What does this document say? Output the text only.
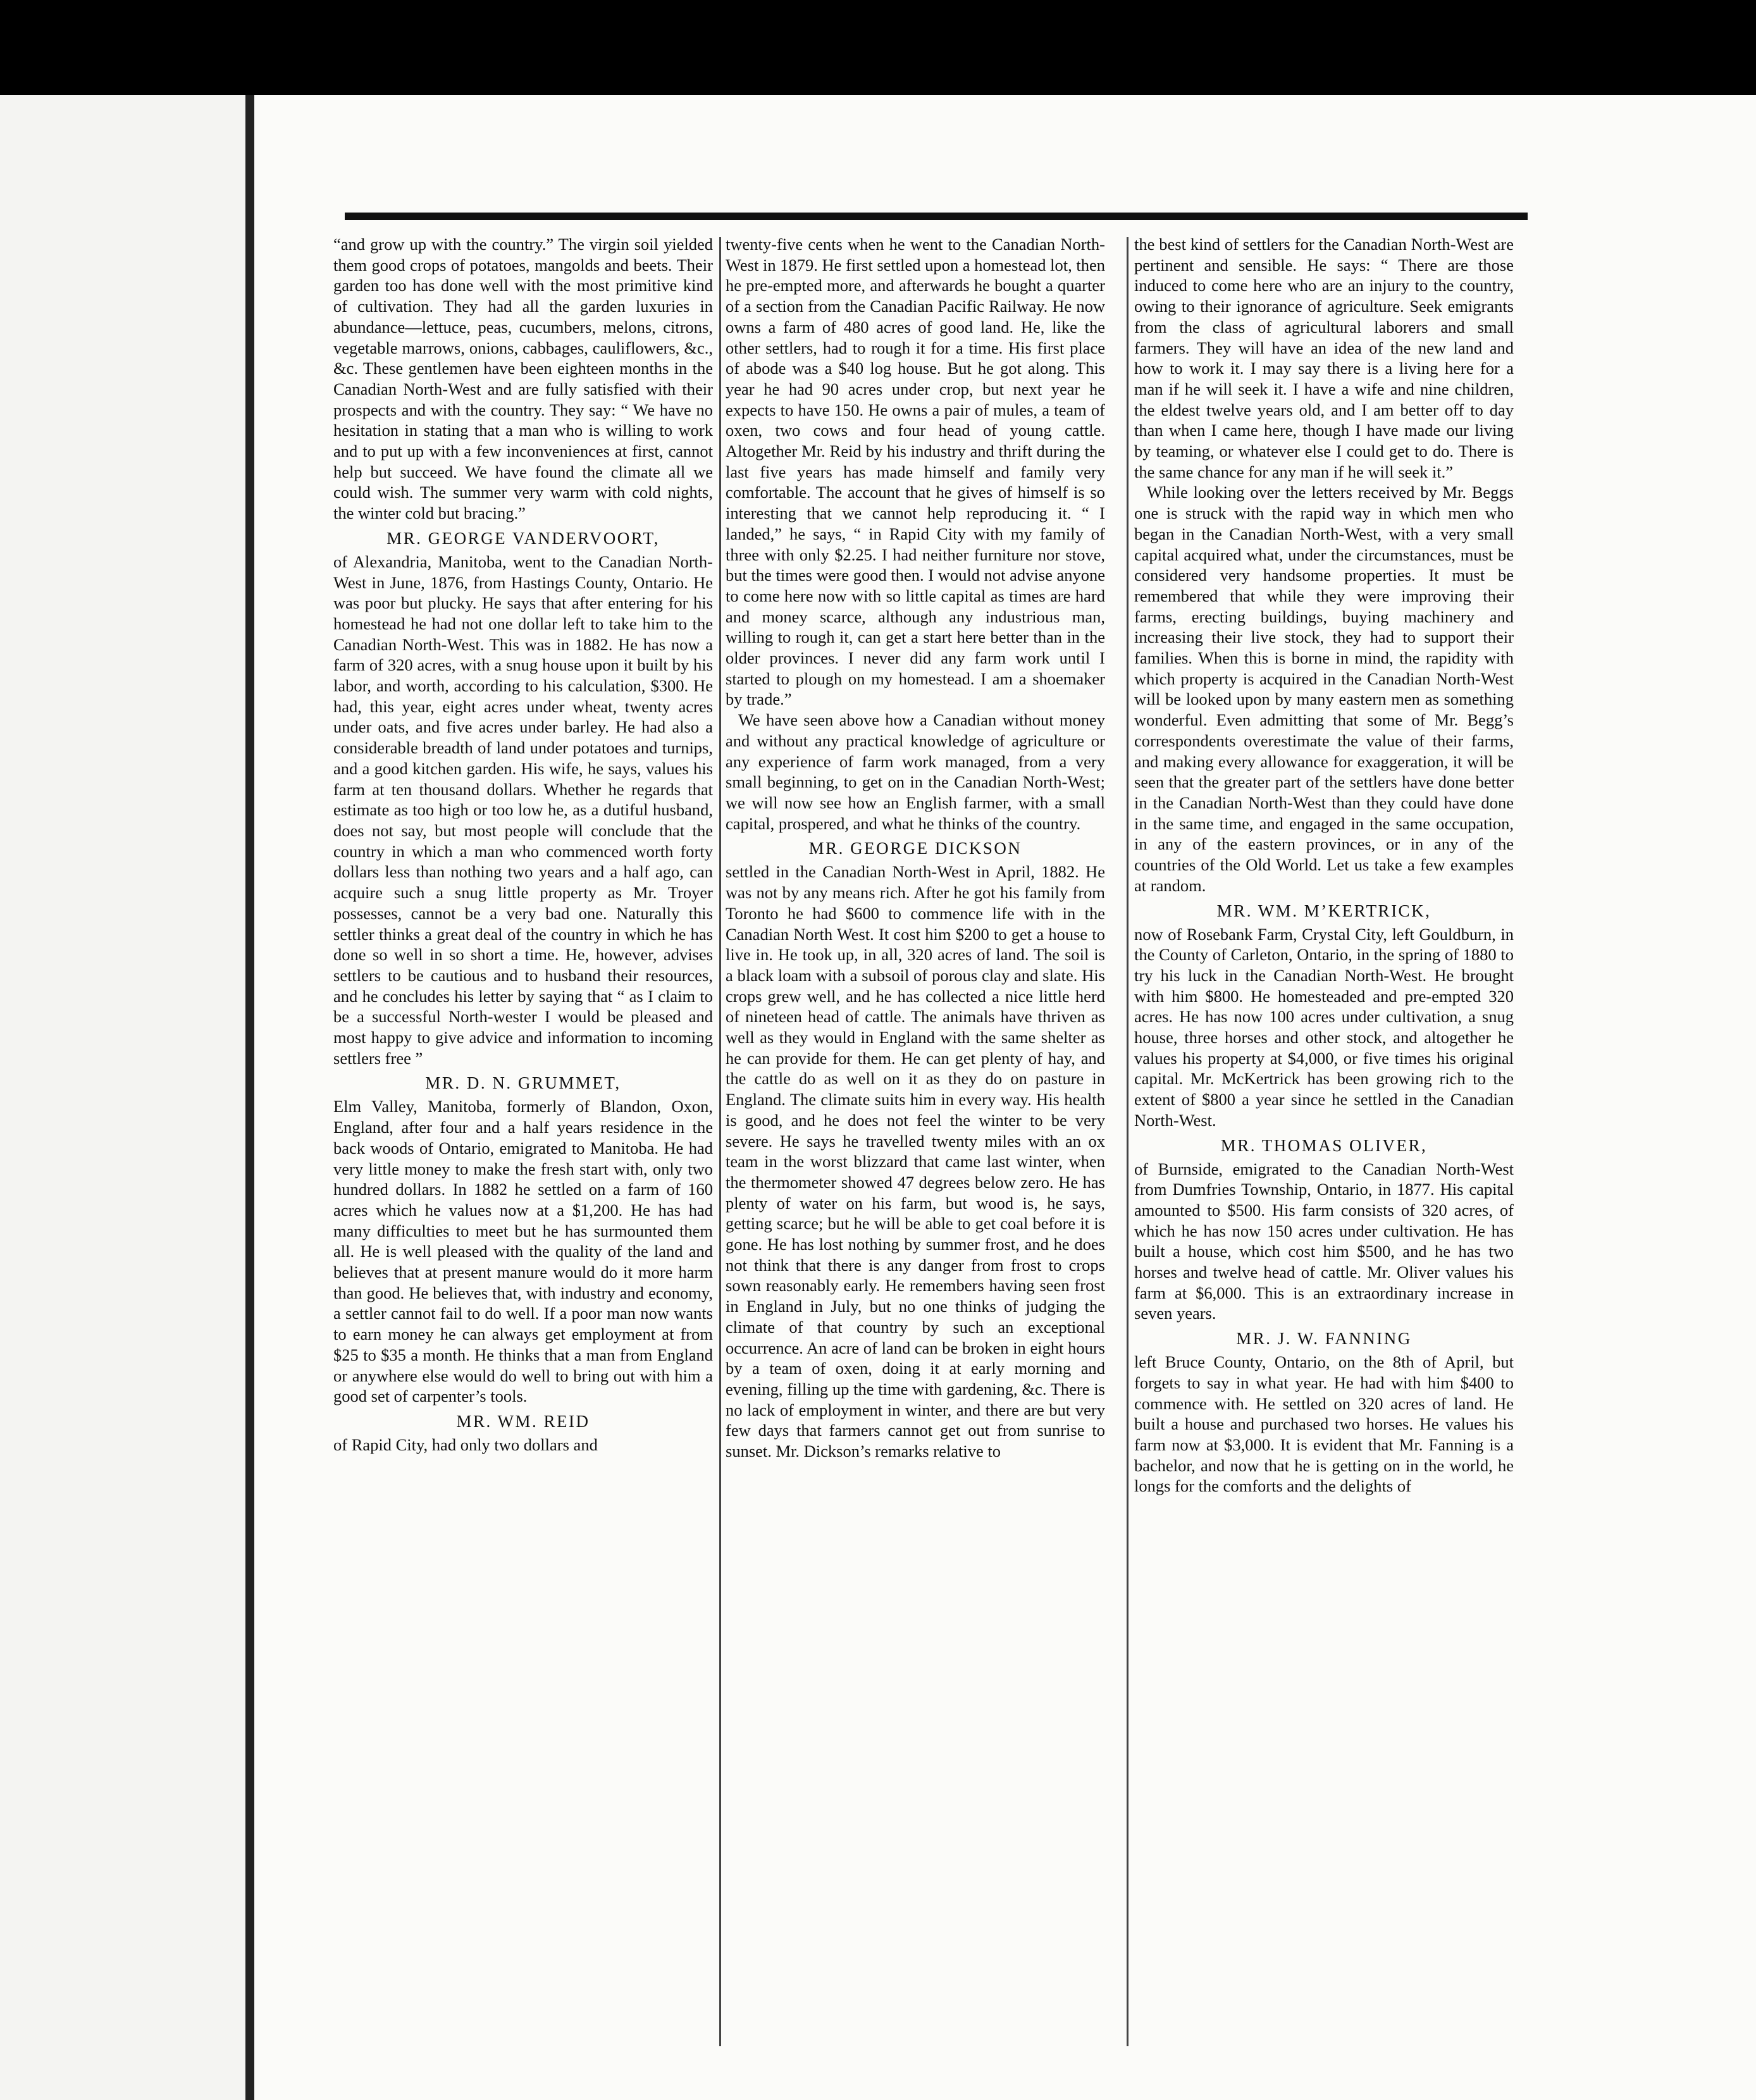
“and grow up with the country.” The virgin soil yielded them good crops of potatoes, mangolds and beets. Their garden too has done well with the most primitive kind of cultivation. They had all the garden luxuries in abundance—lettuce, peas, cucumbers, melons, citrons, vegetable marrows, onions, cabbages, cauliflowers, &c., &c. These gentlemen have been eighteen months in the Canadian North-West and are fully satisfied with their prospects and with the country. They say: “ We have no hesitation in stating that a man who is willing to work and to put up with a few inconveniences at first, cannot help but succeed. We have found the climate all we could wish. The summer very warm with cold nights, the winter cold but bracing.”

MR. GEORGE VANDERVOORT,

of Alexandria, Manitoba, went to the Canadian North-West in June, 1876, from Hastings County, Ontario. He was poor but plucky. He says that after entering for his homestead he had not one dollar left to take him to the Canadian North-West. This was in 1882. He has now a farm of 320 acres, with a snug house upon it built by his labor, and worth, according to his calculation, $300. He had, this year, eight acres under wheat, twenty acres under oats, and five acres under barley. He had also a considerable breadth of land under potatoes and turnips, and a good kitchen garden. His wife, he says, values his farm at ten thousand dollars. Whether he regards that estimate as too high or too low he, as a dutiful husband, does not say, but most people will conclude that the country in which a man who commenced worth forty dollars less than nothing two years and a half ago, can acquire such a snug little property as Mr. Troyer possesses, cannot be a very bad one. Naturally this settler thinks a great deal of the country in which he has done so well in so short a time. He, however, advises settlers to be cautious and to husband their resources, and he concludes his letter by saying that “ as I claim to be a successful North-wester I would be pleased and most happy to give advice and information to incoming settlers free ”

MR. D. N. GRUMMET,

Elm Valley, Manitoba, formerly of Blandon, Oxon, England, after four and a half years residence in the back woods of Ontario, emigrated to Manitoba. He had very little money to make the fresh start with, only two hundred dollars. In 1882 he settled on a farm of 160 acres which he values now at a $1,200. He has had many difficulties to meet but he has surmounted them all. He is well pleased with the quality of the land and believes that at present manure would do it more harm than good. He believes that, with industry and economy, a settler cannot fail to do well. If a poor man now wants to earn money he can always get employment at from $25 to $35 a month. He thinks that a man from England or anywhere else would do well to bring out with him a good set of carpenter’s tools.

MR. WM. REID

of Rapid City, had only two dollars and

twenty-five cents when he went to the Canadian North-West in 1879. He first settled upon a homestead lot, then he pre-empted more, and afterwards he bought a quarter of a section from the Canadian Pacific Railway. He now owns a farm of 480 acres of good land. He, like the other settlers, had to rough it for a time. His first place of abode was a $40 log house. But he got along. This year he had 90 acres under crop, but next year he expects to have 150. He owns a pair of mules, a team of oxen, two cows and four head of young cattle. Altogether Mr. Reid by his industry and thrift during the last five years has made himself and family very comfortable. The account that he gives of himself is so interesting that we cannot help reproducing it. “ I landed,” he says, “ in Rapid City with my family of three with only $2.25. I had neither furniture nor stove, but the times were good then. I would not advise anyone to come here now with so little capital as times are hard and money scarce, although any industrious man, willing to rough it, can get a start here better than in the older provinces. I never did any farm work until I started to plough on my homestead. I am a shoemaker by trade.”

We have seen above how a Canadian without money and without any practical knowledge of agriculture or any experience of farm work managed, from a very small beginning, to get on in the Canadian North-West; we will now see how an English farmer, with a small capital, prospered, and what he thinks of the country.

MR. GEORGE DICKSON

settled in the Canadian North-West in April, 1882. He was not by any means rich. After he got his family from Toronto he had $600 to commence life with in the Canadian North West. It cost him $200 to get a house to live in. He took up, in all, 320 acres of land. The soil is a black loam with a subsoil of porous clay and slate. His crops grew well, and he has collected a nice little herd of nineteen head of cattle. The animals have thriven as well as they would in England with the same shelter as he can provide for them. He can get plenty of hay, and the cattle do as well on it as they do on pasture in England. The climate suits him in every way. His health is good, and he does not feel the winter to be very severe. He says he travelled twenty miles with an ox team in the worst blizzard that came last winter, when the thermometer showed 47 degrees below zero. He has plenty of water on his farm, but wood is, he says, getting scarce; but he will be able to get coal before it is gone. He has lost nothing by summer frost, and he does not think that there is any danger from frost to crops sown reasonably early. He remembers having seen frost in England in July, but no one thinks of judging the climate of that country by such an exceptional occurrence. An acre of land can be broken in eight hours by a team of oxen, doing it at early morning and evening, filling up the time with gardening, &c. There is no lack of employment in winter, and there are but very few days that farmers cannot get out from sunrise to sunset. Mr. Dickson’s remarks relative to

the best kind of settlers for the Canadian North-West are pertinent and sensible. He says: “ There are those induced to come here who are an injury to the country, owing to their ignorance of agriculture. Seek emigrants from the class of agricultural laborers and small farmers. They will have an idea of the new land and how to work it. I may say there is a living here for a man if he will seek it. I have a wife and nine children, the eldest twelve years old, and I am better off to day than when I came here, though I have made our living by teaming, or whatever else I could get to do. There is the same chance for any man if he will seek it.”

While looking over the letters received by Mr. Beggs one is struck with the rapid way in which men who began in the Canadian North-West, with a very small capital acquired what, under the circumstances, must be considered very handsome properties. It must be remembered that while they were improving their farms, erecting buildings, buying machinery and increasing their live stock, they had to support their families. When this is borne in mind, the rapidity with which property is acquired in the Canadian North-West will be looked upon by many eastern men as something wonderful. Even admitting that some of Mr. Begg’s correspondents overestimate the value of their farms, and making every allowance for exaggeration, it will be seen that the greater part of the settlers have done better in the Canadian North-West than they could have done in the same time, and engaged in the same occupation, in any of the eastern provinces, or in any of the countries of the Old World. Let us take a few examples at random.

MR. WM. M’KERTRICK,

now of Rosebank Farm, Crystal City, left Gouldburn, in the County of Carleton, Ontario, in the spring of 1880 to try his luck in the Canadian North-West. He brought with him $800. He homesteaded and pre-empted 320 acres. He has now 100 acres under cultivation, a snug house, three horses and other stock, and altogether he values his property at $4,000, or five times his original capital. Mr. McKertrick has been growing rich to the extent of $800 a year since he settled in the Canadian North-West.

MR. THOMAS OLIVER,

of Burnside, emigrated to the Canadian North-West from Dumfries Township, Ontario, in 1877. His capital amounted to $500. His farm consists of 320 acres, of which he has now 150 acres under cultivation. He has built a house, which cost him $500, and he has two horses and twelve head of cattle. Mr. Oliver values his farm at $6,000. This is an extraordinary increase in seven years.

MR. J. W. FANNING

left Bruce County, Ontario, on the 8th of April, but forgets to say in what year. He had with him $400 to commence with. He settled on 320 acres of land. He built a house and purchased two horses. He values his farm now at $3,000. It is evident that Mr. Fanning is a bachelor, and now that he is getting on in the world, he longs for the comforts and the delights of
